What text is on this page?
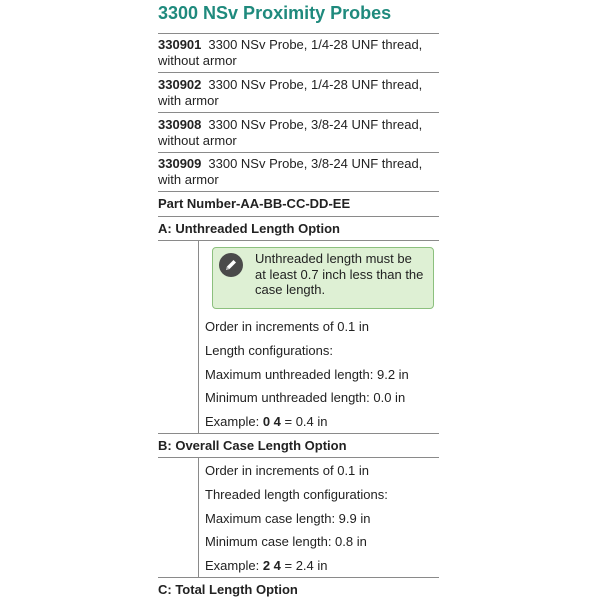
3300 NSv Proximity Probes
330901 3300 NSv Probe, 1/4-28 UNF thread,
without armor
330902 3300 NSv Probe, 1/4-28 UNF thread,
with armor
330908 3300 NSv Probe, 3/8-24 UNF thread,
without armor
330909 3300 NSv Probe, 3/8-24 UNF thread,
with armor
Part Number-AA-BB-CC-DD-EE
A: Unthreaded Length Option
Unthreaded length must be
at least 0.7 inch less than the
case length.
Order in increments of 0.1 in
Length configurations:
Maximum unthreaded length: 9.2 in
Minimum unthreaded length: 0.0 in
Example: 0 4 = 0.4 in
B: Overall Case Length Option
Order in increments of 0.1 in
Threaded length configurations:
Maximum case length: 9.9 in
Minimum case length: 0.8 in
Example: 2 4 = 2.4 in
C: Total Length Option
